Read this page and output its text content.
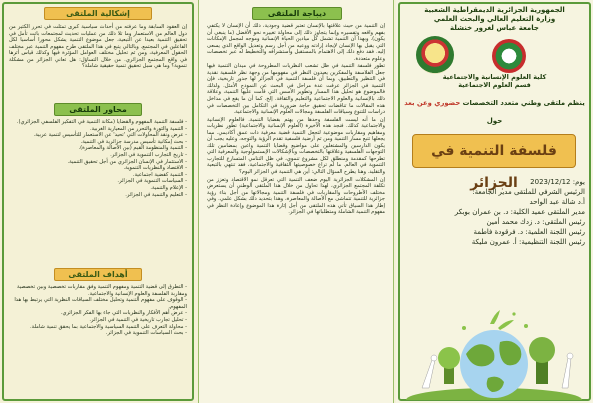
إشكالية الملتقى
إن العقود السابقة وما عرفته من أحداث سياسية كبرى تمثلت في تحرر الكثير من دول العالم من الاستعمار وما تلا ذلك من عمليات تحديث لمجتمعات باتت تأمل في تحقيق التنمية بعيدا عن التبعية، جعل موضوع التنمية يشكل محورا أساسيا لكل الفاعلين في المجتمع. وبالتالي يتبع في هذا الملتقى طرح مفهوم التنمية عبر مختلف الحقول المعرفية، ومن ثم تحليل مختلف العوامل المؤثرة فيها وكذلك قياس أثرها في واقع المجتمع الجزائري. من خلال التساؤل: هل تعاني الجزائر من مشكلة تنموية؟ وما هي سبل تحقيق تنمية حقيقية شاملة؟
محاور الملتقى
- فلسفة التنمية المفهوم والقضايا (مكانة التنمية في التفكير الفلسفي الجزائري).
- التنمية والثورة والتحرر من المعيارية الغربية.
- عرض ونقد المحاولات التي 'تحيد' عن الاستعمار للتأسيس لتنمية عربية.
- بحث إمكانية تأسيس مدرسة جزائرية في التنمية.
- التنمية والمنظومة القيم (بين الأصالة والمعاصرة).
- تاريخ التجارب التنموية في الجزائر.
- الاستثمار في الإنسان الجزائري من أجل تحقيق التنمية.
- الاقتصاد والنظريات التنموية.
- التنمية كقضية اجتماعية.
- السياسات التنموية في الجزائر.
- الإعلام والتنمية.
- التعليم والتنمية في الجزائر.
أهداف الملتقى
- التطرق إلى قضية التنمية ومفهوم التنمية وفق مقاربات تخصصية وبين تخصصية ومقاربة الفلسفة والعلوم الإنسانية والاجتماعية.
- الوقوف على مفهوم التنمية وتحليل مختلف السياقات النظرية التي يرتبط بها هذا المفهوم.
- عرض أهم الأفكار والنظريات التي جاء بها الفكر الجزائري.
- تحليل تجارب تاريخية في التنمية في الجزائر.
- محاولة التعرف على التنمية السياسية والاجتماعية بما يحقق تنمية شاملة.
- بحث السياسات التنموية في الجزائر.
ديباجة الملتقى

إن التنمية من حيث علاقتها بالإنسان تعتبر قضية وجودية، ذلك أن الإنسان لا يكتفي بفهم واقعه وتفسيره وإنما يتجاوز ذلك إلى محاولة تغييره نحو الأفضل (ما ينبغي أن يكون). وبهذا أن التنمية تشمل كل ميادين الحياة الإنسانية وموجه لمجمل الإمكانات التي يقبل بها الإنسان لإيجاد إرادته ووعيه من أجل رسم وتعديل الواقع الذي يسعى إليه. فقد دفع ذلك إلى الاهتمام بالمستقبل واستشرافه والتخطيط له عبر تخصصات وعلوم متعددة.

تطور فلسفة التنمية في ظل تشعب النظريات المطروحة في ميدان التنمية فيها جعل الفلاسفة والمفكرين يعيدون النظر في مفهومها من وجهة نظر فلسفية نقدية في التنظير والتطبيق. وبما أن فلسفة التنمية في الجزائر لها جذور تاريخية، فإن التنمية في الجزائر عرفت عدة مراحل في البحث عن النموذج الأمثل. ولذلك فالموضوع هو تحليل هذا المسار وتطوير الأسس التي قامت عليها التنمية، وعلاقة ذلك بالإنسانية والعلوم الاجتماعية والتعليم والثقافة. إلخ. كما أن ما يقع في مداخل هذه المقالات ما تناقضات تحقيق حاجة ضرورية في التكامل بين التخصصات في دراسات للتنوع وسياقات الفلسفة ومجالات العلوم الإنسانية والاجتماعية.

إن ما أنه ليست الفلسفة وحدها من يهتم بقضايا التنمية. فالعلوم الإنسانية والاجتماعية كذلك. فنجد هذه الأخيرة (العلوم الإنسانية والاجتماعية) تطور نظريات ومفاهيم ومقاربات موضوعية لتجعل التنمية قضية معرفية ذات عمق أكاديمي. مما يجعلها تتبع مسار التنمية ومن ثم أرضية فلسفية تقدم الرؤية والتوجه، وعليه يجب أن يكون الدارسين والمشتغلين على مواضيع وقضايا التنمية واعين بمضامين تلك التوجهات الفلسفية وعلاقتها بالتخصصات وبالإشكالات الإبستمولوجية والمعرفية التي تطرحها كمقدمة ومنطلق لكل مشروع تنموي، في ظل التنامي المتسارع للتجارب التنموية في العالم. ما لم تراع خصوصيتها الثقافية والاجتماعية، فقد تنتهي بالتبعية والتقليد. وهنا يطرح السؤال التالي: أين هي التنمية في الجزائر اليوم؟

إن المشكلات الجزائرية اليوم ضعف التنمية التي تعرقل نمو الاقتصاد وتعزز من تكلفة المجتمع الجزائري، لهذا تحاول من خلال هذا الملتقى الوطني أن يستعرض مختلف الأطروحات والمقاربات في فلسفة التنمية ومجالاتها من أجل بناء رؤية جزائرية للتنمية تتماشى مع الأصالة والمعاصرة، وهذا بتحديد ذلك بشكل علمي. وفي إطار هذا السياق تأتي هذه الملتقى من أجل إثارة هذا الموضوع وإعادة النظر في مفهوم التنمية الشاملة ومتطلباتها في الجزائر.

الجمهورية الجزائرية الديمقراطية الشعبية
وزارة التعليم العالي والبحث العلمي
جامعة عباس لغرور خنشلة
كلية العلوم الإنسانية والاجتماعية
قسم العلوم الاجتماعية
ينظم ملتقى وطني متعدد التخصصات حضوري وعن بعد
حول
فلسفة التنمية في الجزائر	يوم: 2023/12/12
الرئيس الشرفي للملتقى مدير الجامعة:
أ.د شالة عبد الواحد
مدير الملتقى عميد الكلية: د. بن عمران بوبكر
رئيس الملتقى: د. زدك محمد أمين
رئيس اللجنة العلمية: د. فرقودة فاطمة
رئيس اللجنة التنظيمية: أ. عمرون مليكة
